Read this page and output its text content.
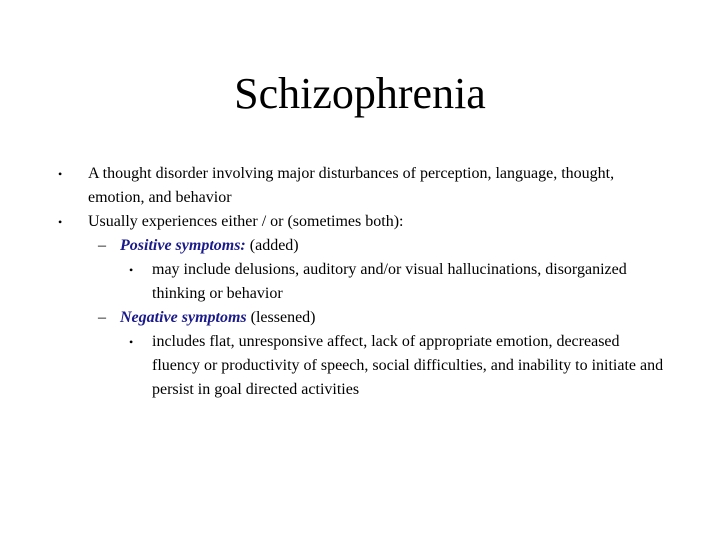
Schizophrenia

• A thought disorder involving major disturbances of perception, language, thought, emotion, and behavior

• Usually experiences either / or (sometimes both):

– Positive symptoms: (added)

• may include delusions, auditory and/or visual hallucinations, disorganized thinking or behavior

– Negative symptoms (lessened)

• includes flat, unresponsive affect, lack of appropriate emotion, decreased fluency or productivity of speech, social difficulties, and inability to initiate and persist in goal directed activities
